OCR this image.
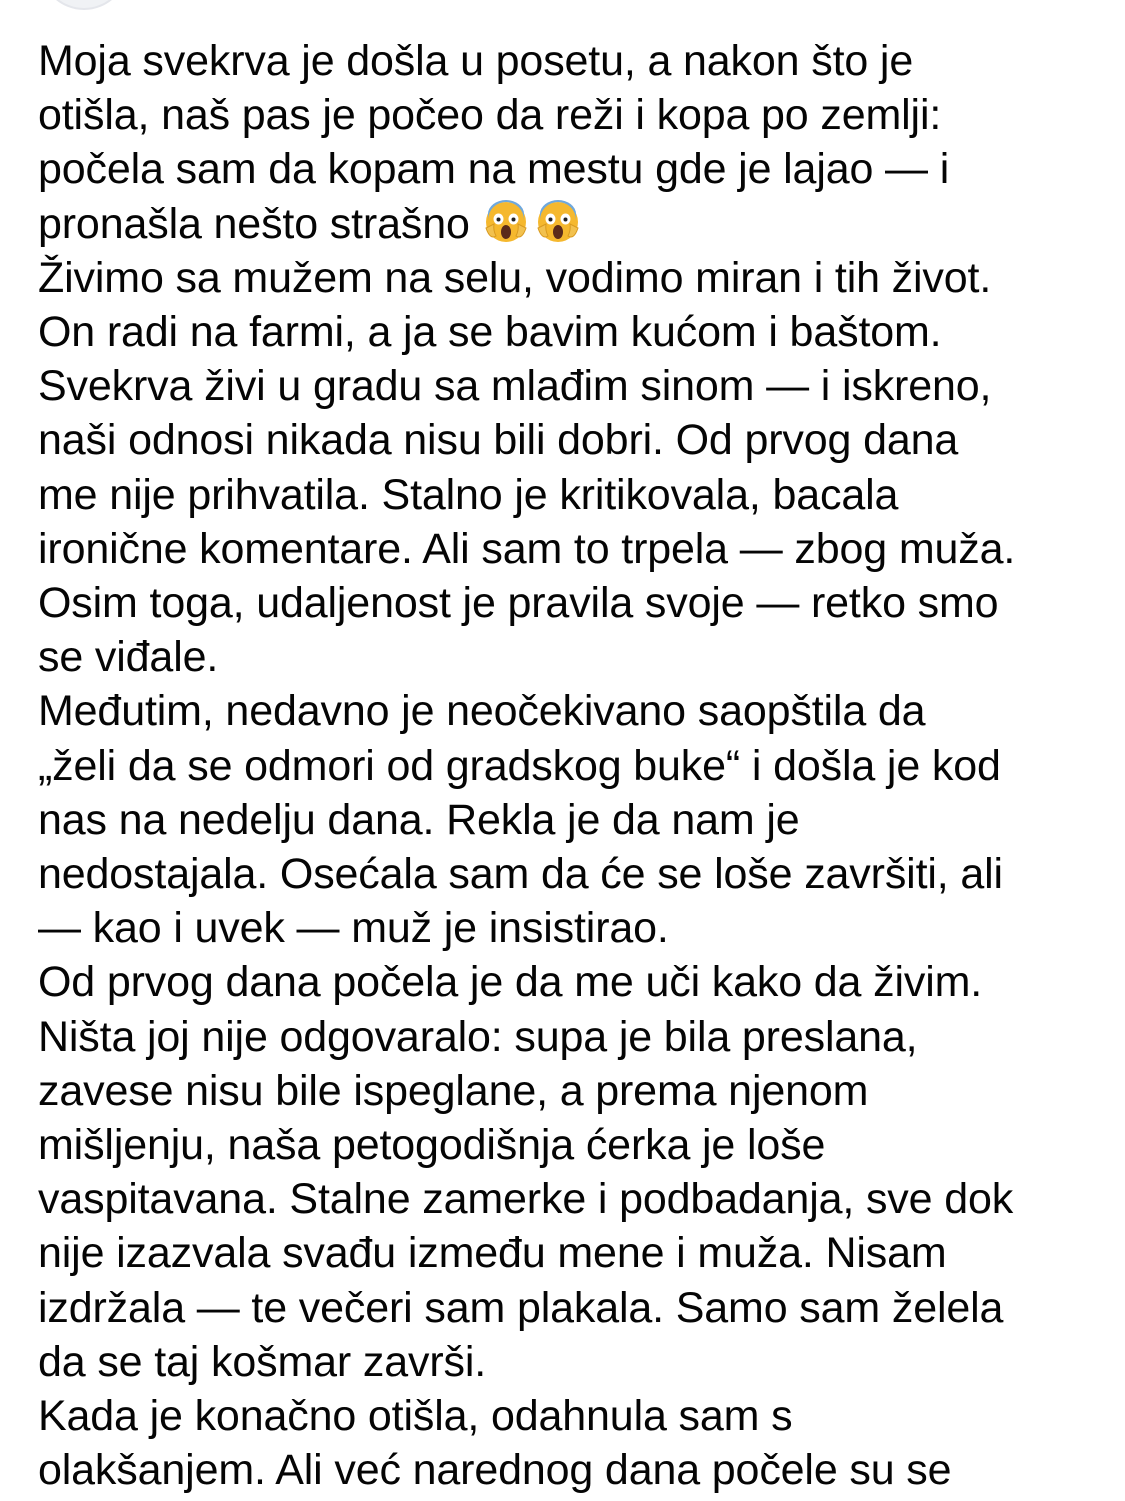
Moja svekrva je došla u posetu, a nakon što je
otišla, naš pas je počeo da reži i kopa po zemlji:
počela sam da kopam na mestu gde je lajao — i
pronašla nešto strašno
Živimo sa mužem na selu, vodimo miran i tih život.
On radi na farmi, a ja se bavim kućom i baštom.
Svekrva živi u gradu sa mlađim sinom — i iskreno,
naši odnosi nikada nisu bili dobri. Od prvog dana
me nije prihvatila. Stalno je kritikovala, bacala
ironične komentare. Ali sam to trpela — zbog muža.
Osim toga, udaljenost je pravila svoje — retko smo
se viđale.
Međutim, nedavno je neočekivano saopštila da
„želi da se odmori od gradskog buke“ i došla je kod
nas na nedelju dana. Rekla je da nam je
nedostajala. Osećala sam da će se loše završiti, ali
— kao i uvek — muž je insistirao.
Od prvog dana počela je da me uči kako da živim.
Ništa joj nije odgovaralo: supa je bila preslana,
zavese nisu bile ispeglane, a prema njenom
mišljenju, naša petogodišnja ćerka je loše
vaspitavana. Stalne zamerke i podbadanja, sve dok
nije izazvala svađu između mene i muža. Nisam
izdržala — te večeri sam plakala. Samo sam želela
da se taj košmar završi.
Kada je konačno otišla, odahnula sam s
olakšanjem. Ali već narednog dana počele su se
